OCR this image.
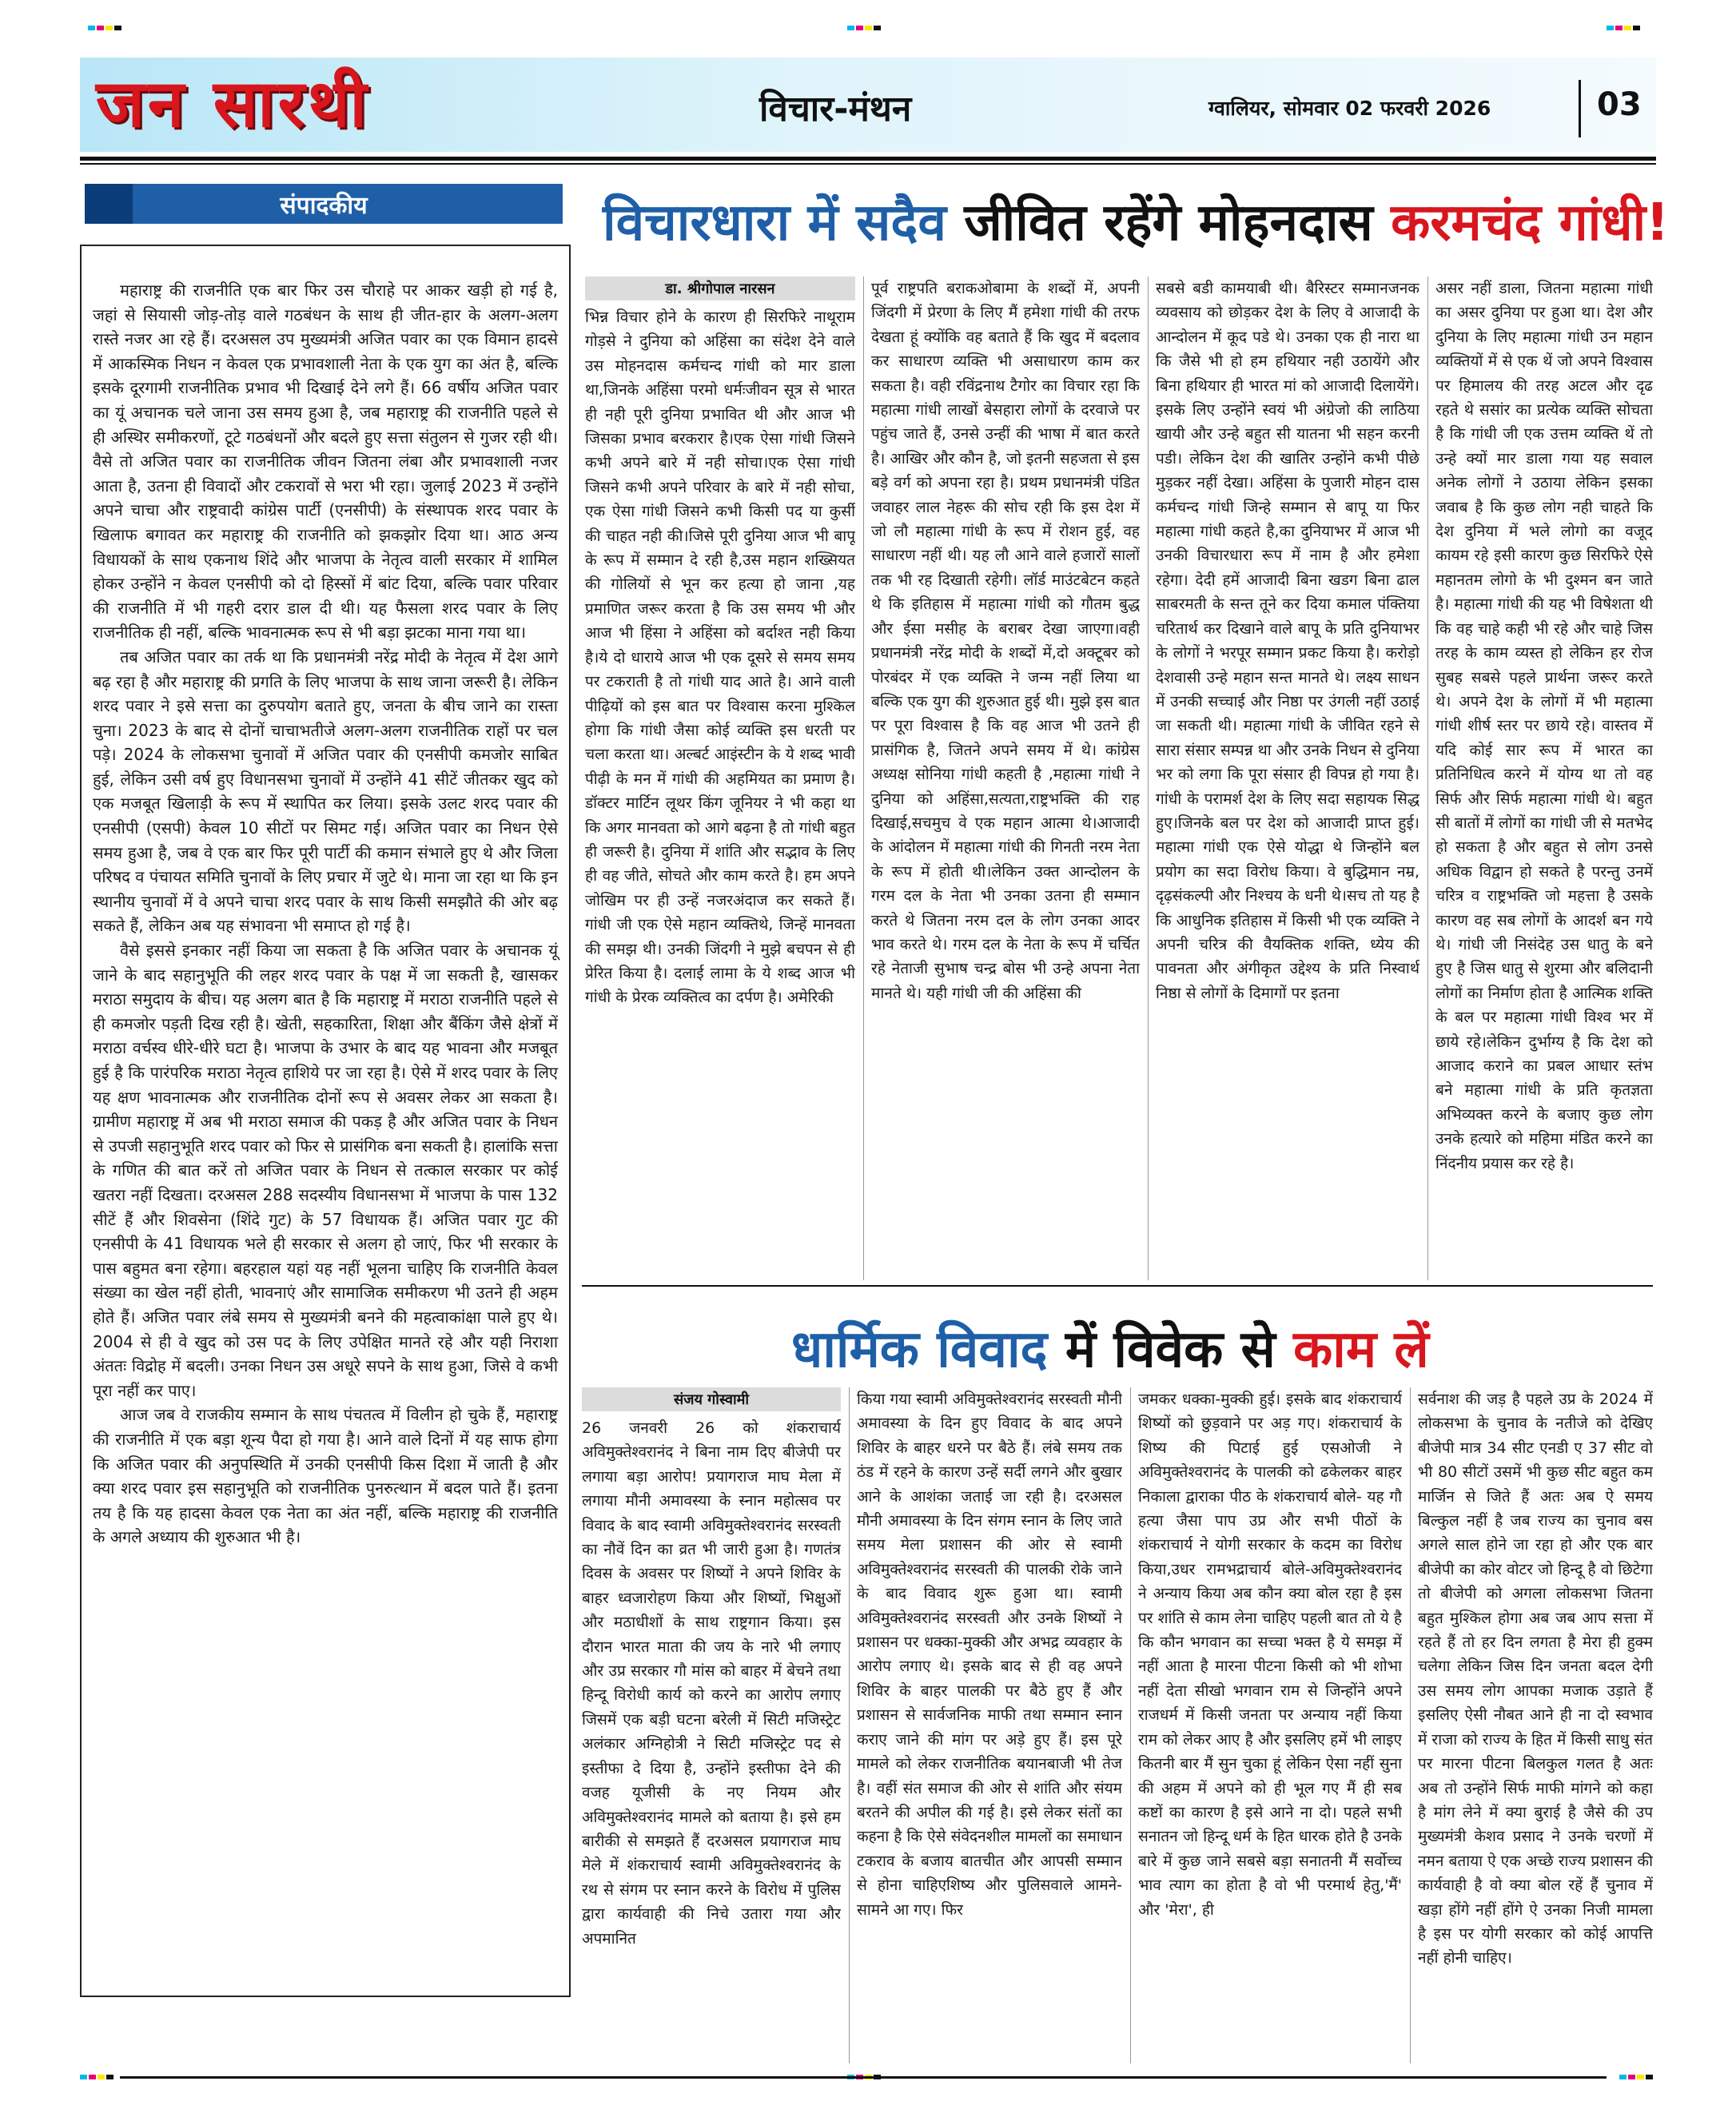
जन सारथी	विचार-मंथन	ग्वालियर, सोमवार 02 फरवरी 2026	03
संपादकीय

महाराष्ट्र की राजनीति एक बार फिर उस चौराहे पर आकर खड़ी हो गई है, जहां से सियासी जोड़-तोड़ वाले गठबंधन के साथ ही जीत-हार के अलग-अलग रास्ते नजर आ रहे हैं। दरअसल उप मुख्यमंत्री अजित पवार का एक विमान हादसे में आकस्मिक निधन न केवल एक प्रभावशाली नेता के एक युग का अंत है, बल्कि इसके दूरगामी राजनीतिक प्रभाव भी दिखाई देने लगे हैं। 66 वर्षीय अजित पवार का यूं अचानक चले जाना उस समय हुआ है, जब महाराष्ट्र की राजनीति पहले से ही अस्थिर समीकरणों, टूटे गठबंधनों और बदले हुए सत्ता संतुलन से गुजर रही थी। वैसे तो अजित पवार का राजनीतिक जीवन जितना लंबा और प्रभावशाली नजर आता है, उतना ही विवादों और टकरावों से भरा भी रहा। जुलाई 2023 में उन्होंने अपने चाचा और राष्ट्रवादी कांग्रेस पार्टी (एनसीपी) के संस्थापक शरद पवार के खिलाफ बगावत कर महाराष्ट्र की राजनीति को झकझोर दिया था। आठ अन्य विधायकों के साथ एकनाथ शिंदे और भाजपा के नेतृत्व वाली सरकार में शामिल होकर उन्होंने न केवल एनसीपी को दो हिस्सों में बांट दिया, बल्कि पवार परिवार की राजनीति में भी गहरी दरार डाल दी थी। यह फैसला शरद पवार के लिए राजनीतिक ही नहीं, बल्कि भावनात्मक रूप से भी बड़ा झटका माना गया था।

तब अजित पवार का तर्क था कि प्रधानमंत्री नरेंद्र मोदी के नेतृत्व में देश आगे बढ़ रहा है और महाराष्ट्र की प्रगति के लिए भाजपा के साथ जाना जरूरी है। लेकिन शरद पवार ने इसे सत्ता का दुरुपयोग बताते हुए, जनता के बीच जाने का रास्ता चुना। 2023 के बाद से दोनों चाचाभतीजे अलग-अलग राजनीतिक राहों पर चल पड़े। 2024 के लोकसभा चुनावों में अजित पवार की एनसीपी कमजोर साबित हुई, लेकिन उसी वर्ष हुए विधानसभा चुनावों में उन्होंने 41 सीटें जीतकर खुद को एक मजबूत खिलाड़ी के रूप में स्थापित कर लिया। इसके उलट शरद पवार की एनसीपी (एसपी) केवल 10 सीटों पर सिमट गई। अजित पवार का निधन ऐसे समय हुआ है, जब वे एक बार फिर पूरी पार्टी की कमान संभाले हुए थे और जिला परिषद व पंचायत समिति चुनावों के लिए प्रचार में जुटे थे। माना जा रहा था कि इन स्थानीय चुनावों में वे अपने चाचा शरद पवार के साथ किसी समझौते की ओर बढ़ सकते हैं, लेकिन अब यह संभावना भी समाप्त हो गई है।

वैसे इससे इनकार नहीं किया जा सकता है कि अजित पवार के अचानक यूं जाने के बाद सहानुभूति की लहर शरद पवार के पक्ष में जा सकती है, खासकर मराठा समुदाय के बीच। यह अलग बात है कि महाराष्ट्र में मराठा राजनीति पहले से ही कमजोर पड़ती दिख रही है। खेती, सहकारिता, शिक्षा और बैंकिंग जैसे क्षेत्रों में मराठा वर्चस्व धीरे-धीरे घटा है। भाजपा के उभार के बाद यह भावना और मजबूत हुई है कि पारंपरिक मराठा नेतृत्व हाशिये पर जा रहा है। ऐसे में शरद पवार के लिए यह क्षण भावनात्मक और राजनीतिक दोनों रूप से अवसर लेकर आ सकता है। ग्रामीण महाराष्ट्र में अब भी मराठा समाज की पकड़ है और अजित पवार के निधन से उपजी सहानुभूति शरद पवार को फिर से प्रासंगिक बना सकती है। हालांकि सत्ता के गणित की बात करें तो अजित पवार के निधन से तत्काल सरकार पर कोई खतरा नहीं दिखता। दरअसल 288 सदस्यीय विधानसभा में भाजपा के पास 132 सीटें हैं और शिवसेना (शिंदे गुट) के 57 विधायक हैं। अजित पवार गुट की एनसीपी के 41 विधायक भले ही सरकार से अलग हो जाएं, फिर भी सरकार के पास बहुमत बना रहेगा। बहरहाल यहां यह नहीं भूलना चाहिए कि राजनीति केवल संख्या का खेल नहीं होती, भावनाएं और सामाजिक समीकरण भी उतने ही अहम होते हैं। अजित पवार लंबे समय से मुख्यमंत्री बनने की महत्वाकांक्षा पाले हुए थे। 2004 से ही वे खुद को उस पद के लिए उपेक्षित मानते रहे और यही निराशा अंततः विद्रोह में बदली। उनका निधन उस अधूरे सपने के साथ हुआ, जिसे वे कभी पूरा नहीं कर पाए।

आज जब वे राजकीय सम्मान के साथ पंचतत्व में विलीन हो चुके हैं, महाराष्ट्र की राजनीति में एक बड़ा शून्य पैदा हो गया है। आने वाले दिनों में यह साफ होगा कि अजित पवार की अनुपस्थिति में उनकी एनसीपी किस दिशा में जाती है और क्या शरद पवार इस सहानुभूति को राजनीतिक पुनरुत्थान में बदल पाते हैं। इतना तय है कि यह हादसा केवल एक नेता का अंत नहीं, बल्कि महाराष्ट्र की राजनीति के अगले अध्याय की शुरुआत भी है।

विचारधारा में सदैव जीवित रहेंगे मोहनदास करमचंद गांधी!
डा. श्रीगोपाल नारसन

भिन्न विचार होने के कारण ही सिरफिरे नाथूराम गोड़से ने दुनिया को अहिंसा का संदेश देने वाले उस मोहनदास कर्मचन्द गांधी को मार डाला था,जिनके अहिंसा परमो धर्मःजीवन सूत्र से भारत ही नही पूरी दुनिया प्रभावित थी और आज भी जिसका प्रभाव बरकरार है।एक ऐसा गांधी जिसने कभी अपने बारे में नही सोचा।एक ऐसा गांधी जिसने कभी अपने परिवार के बारे में नही सोचा, एक ऐसा गांधी जिसने कभी किसी पद या कुर्सी की चाहत नही की।जिसे पूरी दुनिया आज भी बापू के रूप में सम्मान दे रही है,उस महान शख्सियत की गोलियों से भून कर हत्या हो जाना ,यह प्रमाणित जरूर करता है कि उस समय भी और आज भी हिंसा ने अहिंसा को बर्दाश्त नही किया है।ये दो धाराये आज भी एक दूसरे से समय समय पर टकराती है तो गांधी याद आते है। आने वाली पीढ़ियों को इस बात पर विश्वास करना मुश्किल होगा कि गांधी जैसा कोई व्यक्ति इस धरती पर चला करता था। अल्बर्ट आइंस्टीन के ये शब्द भावी पीढ़ी के मन में गांधी की अहमियत का प्रमाण है। डॉक्टर मार्टिन लूथर किंग जूनियर ने भी कहा था कि अगर मानवता को आगे बढ़ना है तो गांधी बहुत ही जरूरी है। दुनिया में शांति और सद्भाव के लिए ही वह जीते, सोचते और काम करते है। हम अपने जोखिम पर ही उन्हें नजरअंदाज कर सकते हैं। गांधी जी एक ऐसे महान व्यक्तिथे, जिन्हें मानवता की समझ थी। उनकी जिंदगी ने मुझे बचपन से ही प्रेरित किया है। दलाई लामा के ये शब्द आज भी गांधी के प्रेरक व्यक्तित्व का दर्पण है। अमेरिकी

पूर्व राष्ट्रपति बराकओबामा के शब्दों में, अपनी जिंदगी में प्रेरणा के लिए मैं हमेशा गांधी की तरफ देखता हूं क्योंकि वह बताते हैं कि खुद में बदलाव कर साधारण व्यक्ति भी असाधारण काम कर सकता है। वही रविंद्रनाथ टैगोर का विचार रहा कि महात्मा गांधी लाखों बेसहारा लोगों के दरवाजे पर पहुंच जाते हैं, उनसे उन्हीं की भाषा में बात करते है। आखिर और कौन है, जो इतनी सहजता से इस बड़े वर्ग को अपना रहा है। प्रथम प्रधानमंत्री पंडित जवाहर लाल नेहरू की सोच रही कि इस देश में जो लौ महात्मा गांधी के रूप में रोशन हुई, वह साधारण नहीं थी। यह लौ आने वाले हजारों सालों तक भी रह दिखाती रहेगी। लॉर्ड माउंटबेटन कहते थे कि इतिहास में महात्मा गांधी को गौतम बुद्ध और ईसा मसीह के बराबर देखा जाएगा।वही प्रधानमंत्री नरेंद्र मोदी के शब्दों में,दो अक्टूबर को पोरबंदर में एक व्यक्ति ने जन्म नहीं लिया था बल्कि एक युग की शुरुआत हुई थी। मुझे इस बात पर पूरा विश्वास है कि वह आज भी उतने ही प्रासंगिक है, जितने अपने समय में थे। कांग्रेस अध्यक्ष सोनिया गांधी कहती है ,महात्मा गांधी ने दुनिया को अहिंसा,सत्यता,राष्ट्रभक्ति की राह दिखाई,सचमुच वे एक महान आत्मा थे।आजादी के आंदोलन में महात्मा गांधी की गिनती नरम नेता के रूप में होती थी।लेकिन उक्त आन्दोलन के गरम दल के नेता भी उनका उतना ही सम्मान करते थे जितना नरम दल के लोग उनका आदर भाव करते थे। गरम दल के नेता के रूप में चर्चित रहे नेताजी सुभाष चन्द्र बोस भी उन्हे अपना नेता मानते थे। यही गांधी जी की अहिंसा की

सबसे बडी कामयाबी थी। बैरिस्टर सम्मानजनक व्यवसाय को छोड़कर देश के लिए वे आजादी के आन्दोलन में कूद पडे थे। उनका एक ही नारा था कि जैसे भी हो हम हथियार नही उठायेंगे और बिना हथियार ही भारत मां को आजादी दिलायेंगे। इसके लिए उन्होंने स्वयं भी अंग्रेजो की लाठिया खायी और उन्हे बहुत सी यातना भी सहन करनी पडी। लेकिन देश की खातिर उन्होंने कभी पीछे मुड़कर नहीं देखा। अहिंसा के पुजारी मोहन दास कर्मचन्द गांधी जिन्हे सम्मान से बापू या फिर महात्मा गांधी कहते है,का दुनियाभर में आज भी उनकी विचारधारा रूप में नाम है और हमेशा रहेगा। देदी हमें आजादी बिना खडग बिना ढाल साबरमती के सन्त तूने कर दिया कमाल पंक्तिया चरितार्थ कर दिखाने वाले बापू के प्रति दुनियाभर के लोगों ने भरपूर सम्मान प्रकट किया है। करोड़ो देशवासी उन्हे महान सन्त मानते थे। लक्ष्य साधन में उनकी सच्चाई और निष्ठा पर उंगली नहीं उठाई जा सकती थी। महात्मा गांधी के जीवित रहने से सारा संसार सम्पन्न था और उनके निधन से दुनिया भर को लगा कि पूरा संसार ही विपन्न हो गया है। गांधी के परामर्श देश के लिए सदा सहायक सिद्ध हुए।जिनके बल पर देश को आजादी प्राप्त हुई। महात्मा गांधी एक ऐसे योद्धा थे जिन्होंने बल प्रयोग का सदा विरोध किया। वे बुद्धिमान नम्र, दृढ़संकल्पी और निश्चय के धनी थे।सच तो यह है कि आधुनिक इतिहास में किसी भी एक व्यक्ति ने अपनी चरित्र की वैयक्तिक शक्ति, ध्येय की पावनता और अंगीकृत उद्देश्य के प्रति निस्वार्थ निष्ठा से लोगों के दिमागों पर इतना

असर नहीं डाला, जितना महात्मा गांधी का असर दुनिया पर हुआ था। देश और दुनिया के लिए महात्मा गांधी उन महान व्यक्तियों में से एक थें जो अपने विश्वास पर हिमालय की तरह अटल और दृढ रहते थे ससांर का प्रत्येक व्यक्ति सोचता है कि गांधी जी एक उत्तम व्यक्ति थें तो उन्हे क्यों मार डाला गया यह सवाल अनेक लोगों ने उठाया लेकिन इसका जवाब है कि कुछ लोग नही चाहते कि देश दुनिया में भले लोगो का वजूद कायम रहे इसी कारण कुछ सिरफिरे ऐसे महानतम लोगो के भी दुश्मन बन जाते है। महात्मा गांधी की यह भी विषेशता थी कि वह चाहे कही भी रहे और चाहे जिस तरह के काम व्यस्त हो लेकिन हर रोज सुबह सबसे पहले प्रार्थना जरूर करते थे। अपने देश के लोगों में भी महात्मा गांधी शीर्ष स्तर पर छाये रहे। वास्तव में यदि कोई सार रूप में भारत का प्रतिनिधित्व करने में योग्य था तो वह सिर्फ और सिर्फ महात्मा गांधी थे। बहुत सी बातों में लोगों का गांधी जी से मतभेद हो सकता है और बहुत से लोग उनसे अधिक विद्वान हो सकते है परन्तु उनमें चरित्र व राष्ट्रभक्ति जो महत्ता है उसके कारण वह सब लोगों के आदर्श बन गये थे। गांधी जी निसंदेह उस धातु के बने हुए है जिस धातु से शुरमा और बलिदानी लोगों का निर्माण होता है आत्मिक शक्ति के बल पर महात्मा गांधी विश्व भर में छाये रहे।लेकिन दुर्भाग्य है कि देश को आजाद कराने का प्रबल आधार स्तंभ बने महात्मा गांधी के प्रति कृतज्ञता अभिव्यक्त करने के बजाए कुछ लोग उनके हत्यारे को महिमा मंडित करने का निंदनीय प्रयास कर रहे है।

धार्मिक विवाद में विवेक से काम लें
संजय गोस्वामी

26 जनवरी 26 को शंकराचार्य अविमुक्तेश्वरानंद ने बिना नाम दिए बीजेपी पर लगाया बड़ा आरोप! प्रयागराज माघ मेला में लगाया मौनी अमावस्या के स्नान महोत्सव पर विवाद के बाद स्वामी अविमुक्तेश्वरानंद सरस्वती का नौवें दिन का व्रत भी जारी हुआ है। गणतंत्र दिवस के अवसर पर शिष्यों ने अपने शिविर के बाहर ध्वजारोहण किया और शिष्यों, भिक्षुओं और मठाधीशों के साथ राष्ट्रगान किया। इस दौरान भारत माता की जय के नारे भी लगाए और उप्र सरकार गौ मांस को बाहर में बेचने तथा हिन्दू विरोधी कार्य को करने का आरोप लगाए जिसमें एक बड़ी घटना बरेली में सिटी मजिस्ट्रेट अलंकार अग्निहोत्री ने सिटी मजिस्ट्रेट पद से इस्तीफा दे दिया है, उन्होंने इस्तीफा देने की वजह यूजीसी के नए नियम और अविमुक्तेश्वरानंद मामले को बताया है। इसे हम बारीकी से समझते हैं दरअसल प्रयागराज माघ मेले में शंकराचार्य स्वामी अविमुक्तेश्वरानंद के रथ से संगम पर स्नान करने के विरोध में पुलिस द्वारा कार्यवाही की निचे उतारा गया और अपमानित

किया गया स्वामी अविमुक्तेश्वरानंद सरस्वती मौनी अमावस्या के दिन हुए विवाद के बाद अपने शिविर के बाहर धरने पर बैठे हैं। लंबे समय तक ठंड में रहने के कारण उन्हें सर्दी लगने और बुखार आने के आशंका जताई जा रही है। दरअसल मौनी अमावस्या के दिन संगम स्नान के लिए जाते समय मेला प्रशासन की ओर से स्वामी अविमुक्तेश्वरानंद सरस्वती की पालकी रोके जाने के बाद विवाद शुरू हुआ था। स्वामी अविमुक्तेश्वरानंद सरस्वती और उनके शिष्यों ने प्रशासन पर धक्का-मुक्की और अभद्र व्यवहार के आरोप लगाए थे। इसके बाद से ही वह अपने शिविर के बाहर पालकी पर बैठे हुए हैं और प्रशासन से सार्वजनिक माफी तथा सम्मान स्नान कराए जाने की मांग पर अड़े हुए हैं। इस पूरे मामले को लेकर राजनीतिक बयानबाजी भी तेज है। वहीं संत समाज की ओर से शांति और संयम बरतने की अपील की गई है। इसे लेकर संतों का कहना है कि ऐसे संवेदनशील मामलों का समाधान टकराव के बजाय बातचीत और आपसी सम्मान से होना चाहिएशिष्य और पुलिसवाले आमने-सामने आ गए। फिर

जमकर धक्का-मुक्की हुई। इसके बाद शंकराचार्य शिष्यों को छुड़वाने पर अड़ गए। शंकराचार्य के शिष्य की पिटाई हुई एसओजी ने अविमुक्तेश्वरानंद के पालकी को ढकेलकर बाहर निकाला द्वाराका पीठ के शंकराचार्य बोले- यह गौ हत्या जैसा पाप उप्र और सभी पीठों के शंकराचार्य ने योगी सरकार के कदम का विरोध किया,उधर रामभद्राचार्य बोले-अविमुक्तेश्वरानंद ने अन्याय किया अब कौन क्या बोल रहा है इस पर शांति से काम लेना चाहिए पहली बात तो ये है कि कौन भगवान का सच्चा भक्त है ये समझ में नहीं आता है मारना पीटना किसी को भी शोभा नहीं देता सीखो भगवान राम से जिन्होंने अपने राजधर्म में किसी जनता पर अन्याय नहीं किया राम को लेकर आए है और इसलिए हमें भी लाइए कितनी बार मैं सुन चुका हूं लेकिन ऐसा नहीं सुना की अहम में अपने को ही भूल गए मैं ही सब कष्टों का कारण है इसे आने ना दो। पहले सभी सनातन जो हिन्दू धर्म के हित धारक होते है उनके बारे में कुछ जाने सबसे बड़ा सनातनी मैं सर्वोच्च भाव त्याग का होता है वो भी परमार्थ हेतु,'मैं' और 'मेरा', ही

सर्वनाश की जड़ है पहले उप्र के 2024 में लोकसभा के चुनाव के नतीजे को देखिए बीजेपी मात्र 34 सीट एनडी ए 37 सीट वो भी 80 सीटों उसमें भी कुछ सीट बहुत कम मार्जिन से जिते हैं अतः अब ऐ समय बिल्कुल नहीं है जब राज्य का चुनाव बस अगले साल होने जा रहा हो और एक बार बीजेपी का कोर वोटर जो हिन्दू है वो छिटेगा तो बीजेपी को अगला लोकसभा जितना बहुत मुश्किल होगा अब जब आप सत्ता में रहते हैं तो हर दिन लगता है मेरा ही हुक्म चलेगा लेकिन जिस दिन जनता बदल देगी उस समय लोग आपका मजाक उड़ाते हैं इसलिए ऐसी नौबत आने ही ना दो स्वभाव में राजा को राज्य के हित में किसी साधु संत पर मारना पीटना बिलकुल गलत है अतः अब तो उन्होंने सिर्फ माफी मांगने को कहा है मांग लेने में क्या बुराई है जैसे की उप मुख्यमंत्री केशव प्रसाद ने उनके चरणों में नमन बताया ऐ एक अच्छे राज्य प्रशासन की कार्यवाही है वो क्या बोल रहें हैं चुनाव में खड़ा होंगे नहीं होंगे ऐ उनका निजी मामला है इस पर योगी सरकार को कोई आपत्ति नहीं होनी चाहिए।
